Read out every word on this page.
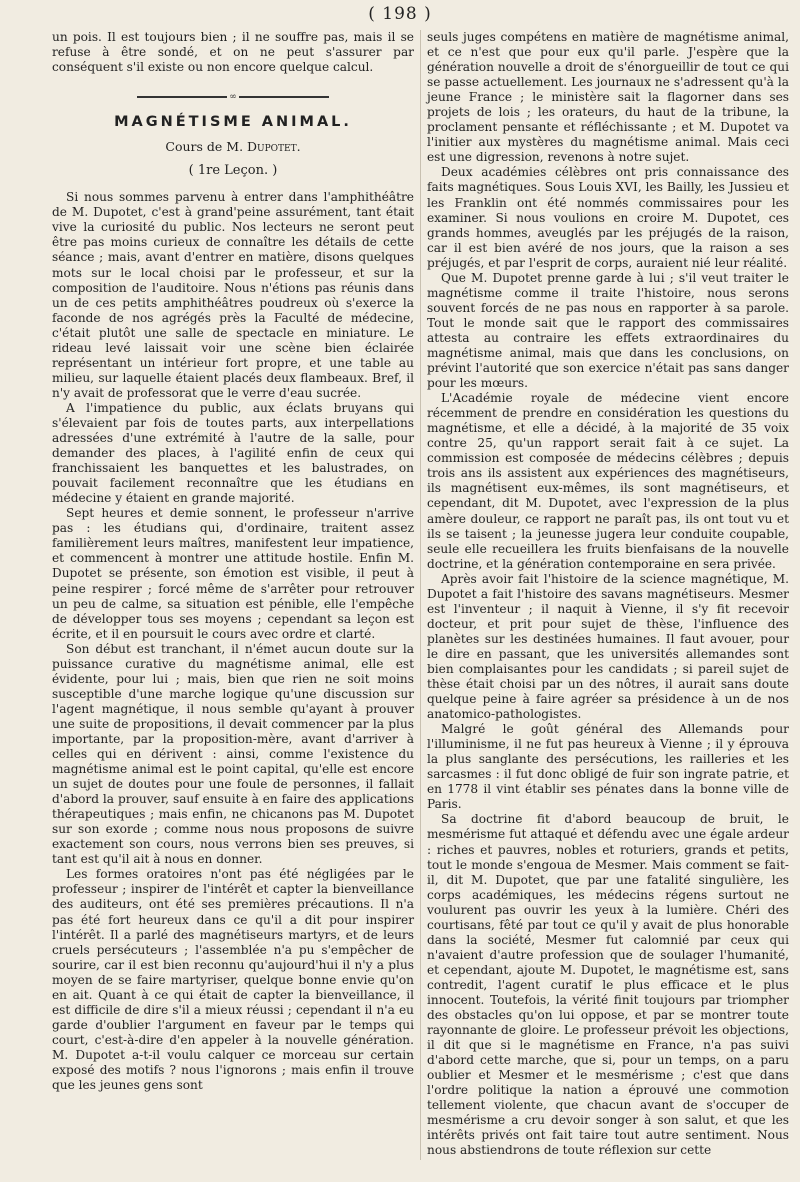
( 198 )

un pois. Il est toujours bien ; il ne souffre pas, mais il se refuse à être sondé, et on ne peut s'assurer par conséquent s'il existe ou non encore quelque calcul.

∞
MAGNÉTISME ANIMAL.
Cours de M. Dupotet.
( 1re Leçon. )

Si nous sommes parvenu à entrer dans l'amphithéâtre de M. Dupotet, c'est à grand'peine assurément, tant était vive la curiosité du public. Nos lecteurs ne seront peut être pas moins curieux de connaître les détails de cette séance ; mais, avant d'entrer en matière, disons quelques mots sur le local choisi par le professeur, et sur la composition de l'auditoire. Nous n'étions pas réunis dans un de ces petits amphithéâtres poudreux où s'exerce la faconde de nos agrégés près la Faculté de médecine, c'était plutôt une salle de spectacle en miniature. Le rideau levé laissait voir une scène bien éclairée représentant un intérieur fort propre, et une table au milieu, sur laquelle étaient placés deux flambeaux. Bref, il n'y avait de professorat que le verre d'eau sucrée.

A l'impatience du public, aux éclats bruyans qui s'élevaient par fois de toutes parts, aux interpellations adressées d'une extrémité à l'autre de la salle, pour demander des places, à l'agilité enfin de ceux qui franchissaient les banquettes et les balustrades, on pouvait facilement reconnaître que les étudians en médecine y étaient en grande majorité.

Sept heures et demie sonnent, le professeur n'arrive pas : les étudians qui, d'ordinaire, traitent assez familièrement leurs maîtres, manifestent leur impatience, et commencent à montrer une attitude hostile. Enfin M. Dupotet se présente, son émotion est visible, il peut à peine respirer ; forcé même de s'arrêter pour retrouver un peu de calme, sa situation est pénible, elle l'empêche de développer tous ses moyens ; cependant sa leçon est écrite, et il en poursuit le cours avec ordre et clarté.

Son début est tranchant, il n'émet aucun doute sur la puissance curative du magnétisme animal, elle est évidente, pour lui ; mais, bien que rien ne soit moins susceptible d'une marche logique qu'une discussion sur l'agent magnétique, il nous semble qu'ayant à prouver une suite de propositions, il devait commencer par la plus importante, par la proposition-mère, avant d'arriver à celles qui en dérivent : ainsi, comme l'existence du magnétisme animal est le point capital, qu'elle est encore un sujet de doutes pour une foule de personnes, il fallait d'abord la prouver, sauf ensuite à en faire des applications thérapeutiques ; mais enfin, ne chicanons pas M. Dupotet sur son exorde ; comme nous nous proposons de suivre exactement son cours, nous verrons bien ses preuves, si tant est qu'il ait à nous en donner.

Les formes oratoires n'ont pas été négligées par le professeur ; inspirer de l'intérêt et capter la bienveillance des auditeurs, ont été ses premières précautions. Il n'a pas été fort heureux dans ce qu'il a dit pour inspirer l'intérêt. Il a parlé des magnétiseurs martyrs, et de leurs cruels persécuteurs ; l'assemblée n'a pu s'empêcher de sourire, car il est bien reconnu qu'aujourd'hui il n'y a plus moyen de se faire martyriser, quelque bonne envie qu'on en ait. Quant à ce qui était de capter la bienveillance, il est difficile de dire s'il a mieux réussi ; cependant il n'a eu garde d'oublier l'argument en faveur par le temps qui court, c'est-à-dire d'en appeler à la nouvelle génération. M. Dupotet a-t-il voulu calquer ce morceau sur certain exposé des motifs ? nous l'ignorons ; mais enfin il trouve que les jeunes gens sont

seuls juges compétens en matière de magnétisme animal, et ce n'est que pour eux qu'il parle. J'espère que la génération nouvelle a droit de s'énorgueillir de tout ce qui se passe actuellement. Les journaux ne s'adressent qu'à la jeune France ; le ministère sait la flagorner dans ses projets de lois ; les orateurs, du haut de la tribune, la proclament pensante et réfléchissante ; et M. Dupotet va l'initier aux mystères du magnétisme animal. Mais ceci est une digression, revenons à notre sujet.

Deux académies célèbres ont pris connaissance des faits magnétiques. Sous Louis XVI, les Bailly, les Jussieu et les Franklin ont été nommés commissaires pour les examiner. Si nous voulions en croire M. Dupotet, ces grands hommes, aveuglés par les préjugés de la raison, car il est bien avéré de nos jours, que la raison a ses préjugés, et par l'esprit de corps, auraient nié leur réalité.

Que M. Dupotet prenne garde à lui ; s'il veut traiter le magnétisme comme il traite l'histoire, nous serons souvent forcés de ne pas nous en rapporter à sa parole. Tout le monde sait que le rapport des commissaires attesta au contraire les effets extraordinaires du magnétisme animal, mais que dans les conclusions, on prévint l'autorité que son exercice n'était pas sans danger pour les mœurs.

L'Académie royale de médecine vient encore récemment de prendre en considération les questions du magnétisme, et elle a décidé, à la majorité de 35 voix contre 25, qu'un rapport serait fait à ce sujet. La commission est composée de médecins célèbres ; depuis trois ans ils assistent aux expériences des magnétiseurs, ils magnétisent eux-mêmes, ils sont magnétiseurs, et cependant, dit M. Dupotet, avec l'expression de la plus amère douleur, ce rapport ne paraît pas, ils ont tout vu et ils se taisent ; la jeunesse jugera leur conduite coupable, seule elle recueillera les fruits bienfaisans de la nouvelle doctrine, et la génération contemporaine en sera privée.

Après avoir fait l'histoire de la science magnétique, M. Dupotet a fait l'histoire des savans magnétiseurs. Mesmer est l'inventeur ; il naquit à Vienne, il s'y fit recevoir docteur, et prit pour sujet de thèse, l'influence des planètes sur les destinées humaines. Il faut avouer, pour le dire en passant, que les universités allemandes sont bien complaisantes pour les candidats ; si pareil sujet de thèse était choisi par un des nôtres, il aurait sans doute quelque peine à faire agréer sa présidence à un de nos anatomico-pathologistes.

Malgré le goût général des Allemands pour l'illuminisme, il ne fut pas heureux à Vienne ; il y éprouva la plus sanglante des persécutions, les railleries et les sarcasmes : il fut donc obligé de fuir son ingrate patrie, et en 1778 il vint établir ses pénates dans la bonne ville de Paris.

Sa doctrine fit d'abord beaucoup de bruit, le mesmérisme fut attaqué et défendu avec une égale ardeur : riches et pauvres, nobles et roturiers, grands et petits, tout le monde s'engoua de Mesmer. Mais comment se fait-il, dit M. Dupotet, que par une fatalité singulière, les corps académiques, les médecins régens surtout ne voulurent pas ouvrir les yeux à la lumière. Chéri des courtisans, fêté par tout ce qu'il y avait de plus honorable dans la société, Mesmer fut calomnié par ceux qui n'avaient d'autre profession que de soulager l'humanité, et cependant, ajoute M. Dupotet, le magnétisme est, sans contredit, l'agent curatif le plus efficace et le plus innocent. Toutefois, la vérité finit toujours par triompher des obstacles qu'on lui oppose, et par se montrer toute rayonnante de gloire. Le professeur prévoit les objections, il dit que si le magnétisme en France, n'a pas suivi d'abord cette marche, que si, pour un temps, on a paru oublier et Mesmer et le mesmérisme ; c'est que dans l'ordre politique la nation a éprouvé une commotion tellement violente, que chacun avant de s'occuper de mesmérisme a cru devoir songer à son salut, et que les intérêts privés ont fait taire tout autre sentiment. Nous nous abstiendrons de toute réflexion sur cette
